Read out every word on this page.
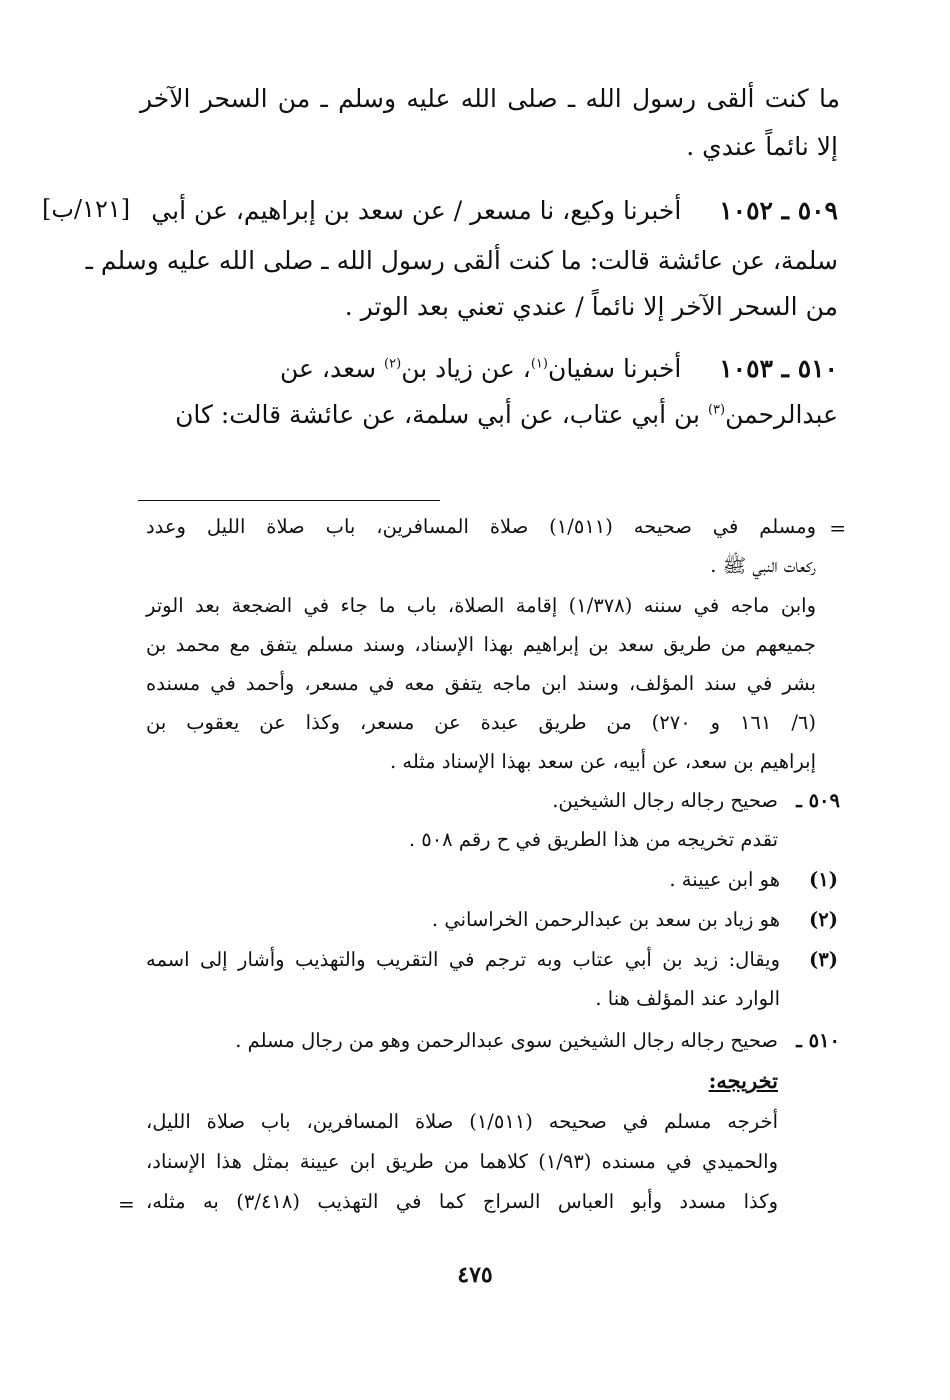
ما كنت ألقى رسول الله ـ صلى الله عليه وسلم ـ من السحر الآخر
إلا نائماً عندي .
٥٠٩ ـ ١٠٥٢  أخبرنا وكيع، نا مسعر / عن سعد بن إبراهيم، عن أبي
[١٢١/ب]
سلمة، عن عائشة قالت: ما كنت ألقى رسول الله ـ صلى الله عليه وسلم ـ
من السحر الآخر إلا نائماً / عندي تعني بعد الوتر .
٥١٠ ـ ١٠٥٣  أخبرنا سفيان$^{(١)}$، عن زياد بن$^{(٢)}$ سعد، عن
عبدالرحمن$^{(٣)}$ بن أبي عتاب، عن أبي سلمة، عن عائشة قالت: كان
=
ومسلم في صحيحه (١/٥١١) صلاة المسافرين، باب صلاة الليل وعدد
ركعات النبي ﷺ .
وابن ماجه في سننه (١/٣٧٨) إقامة الصلاة، باب ما جاء في الضجعة بعد الوتر
جميعهم من طريق سعد بن إبراهيم بهذا الإسناد، وسند مسلم يتفق مع محمد بن
بشر في سند المؤلف، وسند ابن ماجه يتفق معه في مسعر، وأحمد في مسنده
(٦/ ١٦١ و ٢٧٠) من طريق عبدة عن مسعر، وكذا عن يعقوب بن
إبراهيم بن سعد، عن أبيه، عن سعد بهذا الإسناد مثله .
٥٠٩ ـ
صحيح رجاله رجال الشيخين.
تقدم تخريجه من هذا الطريق في ح رقم ٥٠٨ .
(١)
هو ابن عيينة .
(٢)
هو زياد بن سعد بن عبدالرحمن الخراساني .
(٣)
ويقال: زيد بن أبي عتاب وبه ترجم في التقريب والتهذيب وأشار إلى اسمه
الوارد عند المؤلف هنا .
٥١٠ ـ
صحيح رجاله رجال الشيخين سوى عبدالرحمن وهو من رجال مسلم .
تخريجه:
أخرجه مسلم في صحيحه (١/٥١١) صلاة المسافرين، باب صلاة الليل،
والحميدي في مسنده (١/٩٣) كلاهما من طريق ابن عيينة بمثل هذا الإسناد،
وكذا مسدد وأبو العباس السراج كما في التهذيب (٣/٤١٨) به مثله،
=
٤٧٥
